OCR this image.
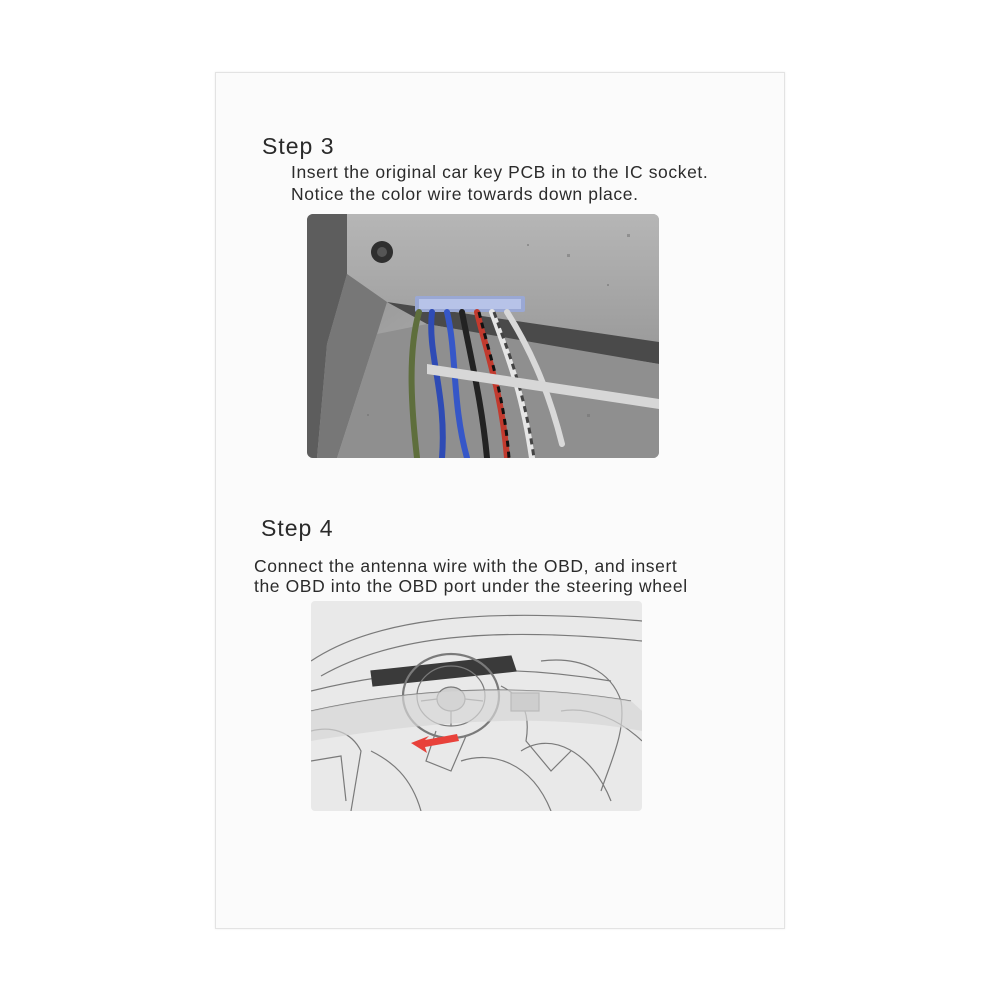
Step 3
Insert the original car key PCB in to the IC socket.
Notice the color wire towards down place.
Step 4
Connect the antenna wire with the OBD, and insert
the OBD into the OBD port under the steering wheel
